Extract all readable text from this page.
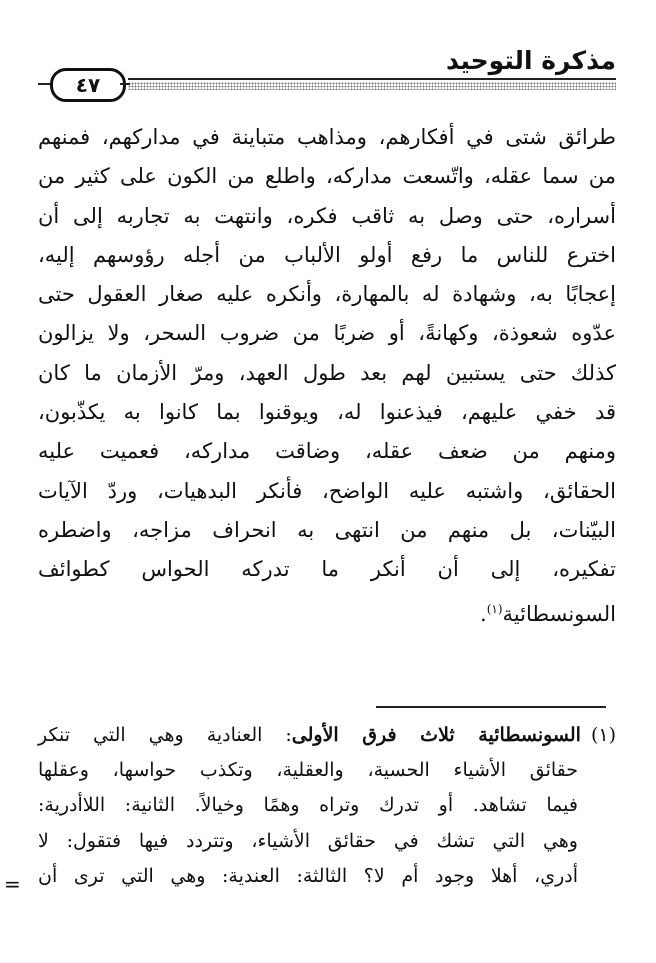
مذكرة التوحيد
٤٧
طرائق شتى في أفكارهم، ومذاهب متباينة في مداركهم، فمنهم
من سما عقله، واتّسعت مداركه، واطلع من الكون على كثير من
أسراره، حتى وصل به ثاقب فكره، وانتهت به تجاربه إلى أن
اخترع للناس ما رفع أولو الألباب من أجله رؤوسهم إليه،
إعجابًا به، وشهادة له بالمهارة، وأنكره عليه صغار العقول حتى
عدّوه شعوذة، وكهانةً، أو ضربًا من ضروب السحر، ولا يزالون
كذلك حتى يستبين لهم بعد طول العهد، ومرّ الأزمان ما كان
قد خفي عليهم، فيذعنوا له، ويوقنوا بما كانوا به يكذّبون،
ومنهم من ضعف عقله، وضاقت مداركه، فعميت عليه
الحقائق، واشتبه عليه الواضح، فأنكر البدهيات، وردّ الآيات
البيّنات، بل منهم من انتهى به انحراف مزاجه، واضطره
تفكيره، إلى أن أنكر ما تدركه الحواس كطوائف
السونسطائية$^{(١)}$.
(١)السونسطائية ثلاث فرق الأولى: العنادية وهي التي تنكر
حقائق الأشياء الحسية، والعقلية، وتكذب حواسها، وعقلها
فيما تشاهد. أو تدرك وتراه وهمًا وخيالاً. الثانية: اللاأدرية:
وهي التي تشك في حقائق الأشياء، وتتردد فيها فتقول: لا
أدري، أهلا وجود أم لا؟ الثالثة: العندية: وهي التي ترى أن
=
